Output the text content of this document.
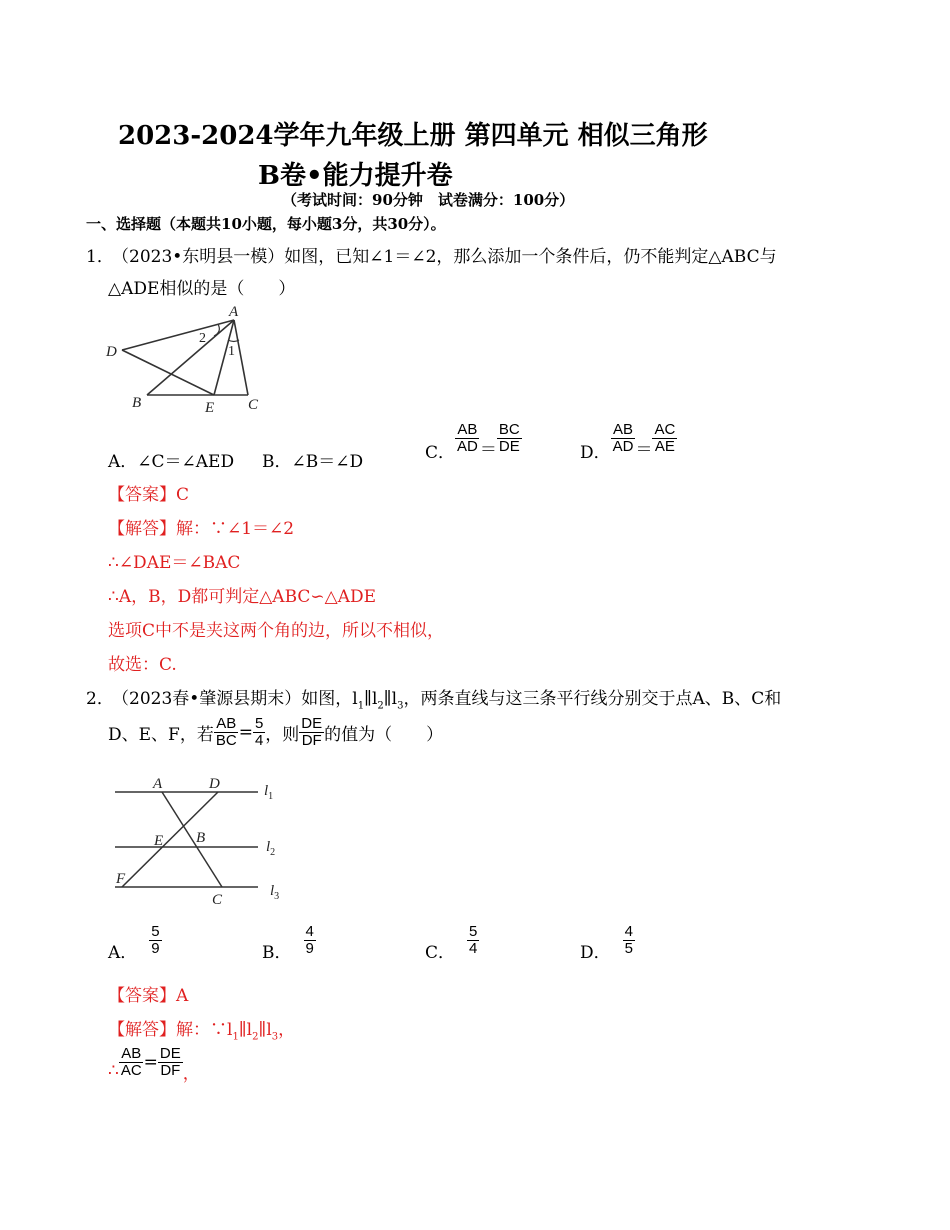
2023-2024学年九年级上册 第四单元 相似三角形
B卷•能力提升卷
（考试时间：90分钟　试卷满分：100分）
一、选择题（本题共10小题，每小题3分，共30分）。
1．
（2023•东明县一模）如图，已知∠1＝∠2，那么添加一个条件后，仍不能判定△ABC与
△ADE相似的是（　　）
A
D
B	E C
2
1
A．∠C＝∠AED B．∠B＝∠D	C． $\frac{AB}{AD} = \frac{BC}{DE}$	D． $\frac{AB}{AD} = \frac{AC}{AE}$
【答案】C
【解答】解：∵∠1＝∠2
∴∠DAE＝∠BAC
∴A，B，D都可判定△ABC∽△ADE
选项C中不是夹这两个角的边，所以不相似，
故选：C.
2．
（2023春•肇源县期末）如图，$l_1\parallel l_2\parallel l_3$，两条直线与这三条平行线分别交于点A、B、C和
D、E、F，若 $\frac{AB}{BC} = \frac{5}{4}$ ，则 $\frac{DE}{DF}$ 的值为（　　）
A	D
E B
F
C
$l_1$
$l_2$
$l_3$
A． $\frac{5}{9}$	B． $\frac{4}{9}$	C． $\frac{5}{4}$	D． $\frac{4}{5}$
【答案】A
【解答】解：$\because l_1\parallel l_2\parallel l_3$，
∴ $\frac{AB}{AC} = \frac{DE}{DF}$ ，
